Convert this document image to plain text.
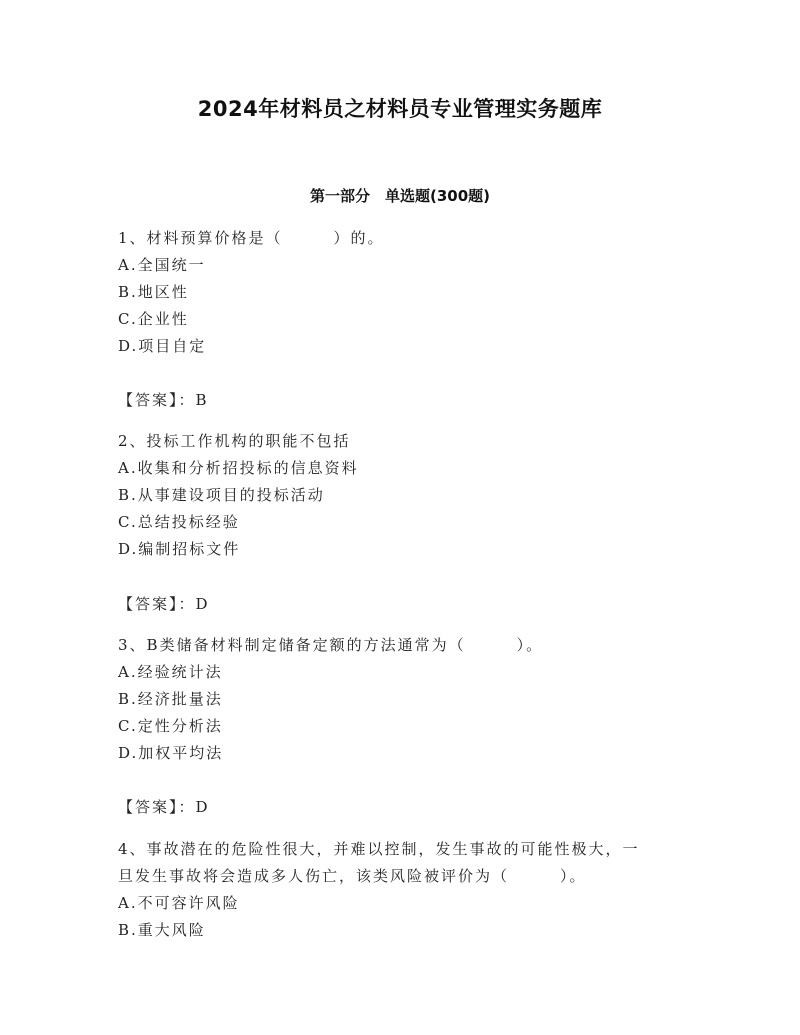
2024年材料员之材料员专业管理实务题库
第一部分　单选题(300题)
1、材料预算价格是（　　　）的。
A.全国统一
B.地区性
C.企业性
D.项目自定
【答案】：B
2、投标工作机构的职能不包括
A.收集和分析招投标的信息资料
B.从事建设项目的投标活动
C.总结投标经验
D.编制招标文件
【答案】：D
3、B类储备材料制定储备定额的方法通常为（　　　）。
A.经验统计法
B.经济批量法
C.定性分析法
D.加权平均法
【答案】：D
4、事故潜在的危险性很大，并难以控制，发生事故的可能性极大，一
旦发生事故将会造成多人伤亡，该类风险被评价为（　　　）。
A.不可容许风险
B.重大风险
